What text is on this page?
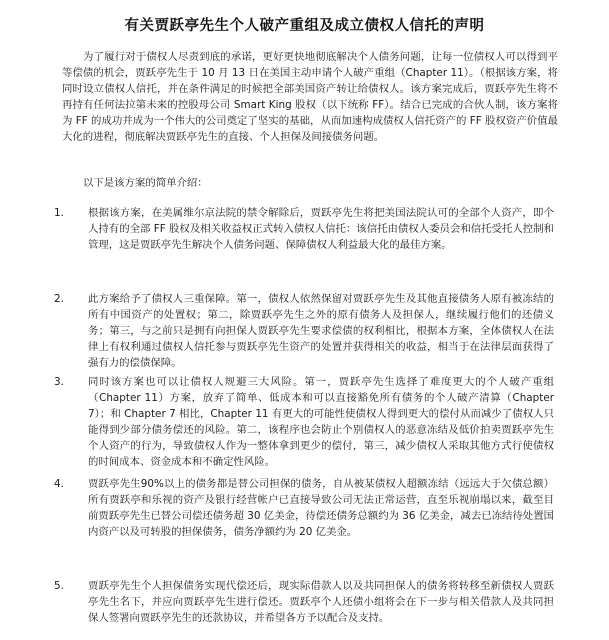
有关贾跃亭先生个人破产重组及成立债权人信托的声明

为了履行对于债权人尽责到底的承诺，更好更快地彻底解决个人债务问题，让每一位债权人可以得到平等偿债的机会，贾跃亭先生于 10 月 13 日在美国主动申请个人破产重组（Chapter 11）。（根据该方案，将同时设立债权人信托，并在条件满足的时候把全部美国资产转让给债权人。该方案完成后，贾跃亭先生将不再持有任何法拉第未来的控股母公司 Smart King 股权（以下统称 FF）。结合已完成的合伙人制，该方案将为 FF 的成功并成为一个伟大的公司奠定了坚实的基础，从而加速构成债权人信托资产的 FF 股权资产价值最大化的进程，彻底解决贾跃亭先生的直接、个人担保及间接债务问题。

以下是该方案的简单介绍：

1. 根据该方案，在美属维尔京法院的禁令解除后，贾跃亭先生将把美国法院认可的全部个人资产，即个人持有的全部 FF 股权及相关收益权正式转入债权人信托：该信托由债权人委员会和信托受托人控制和管理，这是贾跃亭先生解决个人债务问题、保障债权人利益最大化的最佳方案。

2. 此方案给予了债权人三重保障。第一，债权人依然保留对贾跃亭先生及其他直接债务人原有被冻结的所有中国资产的处置权；第二，除贾跃亭先生之外的原有债务人及担保人，继续履行他们的还债义务；第三，与之前只是拥有向担保人贾跃亭先生要求偿债的权利相比，根据本方案，全体债权人在法律上有权利通过债权人信托参与贾跃亭先生资产的处置并获得相关的收益，相当于在法律层面获得了强有力的偿债保障。

3. 同时该方案也可以让债权人规避三大风险。第一，贾跃亭先生选择了难度更大的个人破产重组（Chapter 11）方案，放弃了简单、低成本和可以直接豁免所有债务的个人破产清算（Chapter 7）；和 Chapter 7 相比，Chapter 11 有更大的可能性使债权人得到更大的偿付从而减少了债权人只能得到少部分债务偿还的风险。第二，该程序也会防止个别债权人的恶意冻结及低价拍卖贾跃亭先生个人资产的行为，导致债权人作为一整体拿到更少的偿付，第三，减少债权人采取其他方式行使债权的时间成本、资金成本和不确定性风险。

4. 贾跃亭先生90%以上的债务都是替公司担保的债务，自从被某债权人超额冻结（远远大于欠债总额）所有贾跃亭和乐视的资产及银行经营帐户已直接导致公司无法正常运营，直至乐视崩塌以来，截至目前贾跃亭先生已替公司偿还债务超 30 亿美金，待偿还债务总额约为 36 亿美金，减去已冻结待处置国内资产以及可转股的担保债务，债务净额约为 20 亿美金。

5. 贾跃亭先生个人担保债务实现代偿还后，现实际借款人以及共同担保人的债务将转移至新债权人贾跃亭先生名下，并应向贾跃亭先生进行偿还。贾跃亭个人还债小组将会在下一步与相关借款人及共同担保人签署向贾跃亭先生的还款协议，并希望各方予以配合及支持。
